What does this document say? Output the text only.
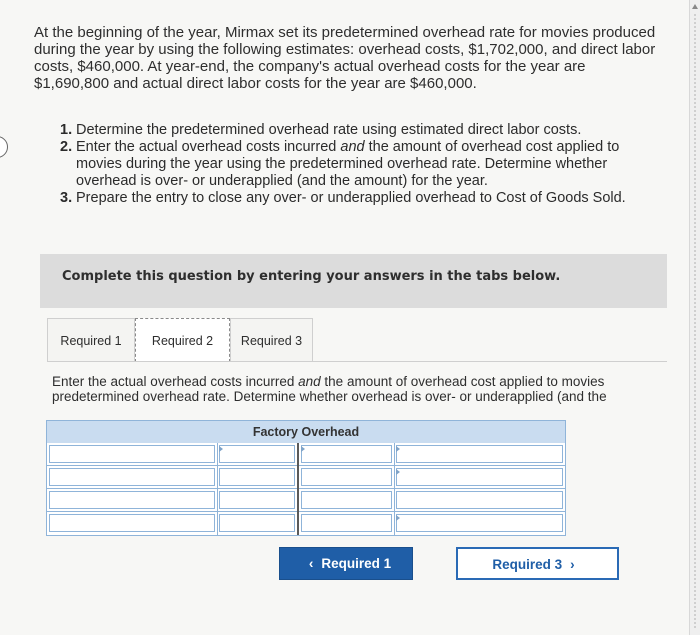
At the beginning of the year, Mirmax set its predetermined overhead rate for movies produced during the year by using the following estimates: overhead costs, $1,702,000, and direct labor costs, $460,000. At year-end, the company's actual overhead costs for the year are $1,690,800 and actual direct labor costs for the year are $460,000.

1. Determine the predetermined overhead rate using estimated direct labor costs.
2. Enter the actual overhead costs incurred and the amount of overhead cost applied to movies during the year using the predetermined overhead rate. Determine whether overhead is over- or underapplied (and the amount) for the year.
3. Prepare the entry to close any over- or underapplied overhead to Cost of Goods Sold.
Complete this question by entering your answers in the tabs below.
Required 1	Required 2	Required 3
Enter the actual overhead costs incurred and the amount of overhead cost applied to movies
predetermined overhead rate. Determine whether overhead is over- or underapplied (and the
Factory Overhead
‹ Required 1	Required 3 ›
